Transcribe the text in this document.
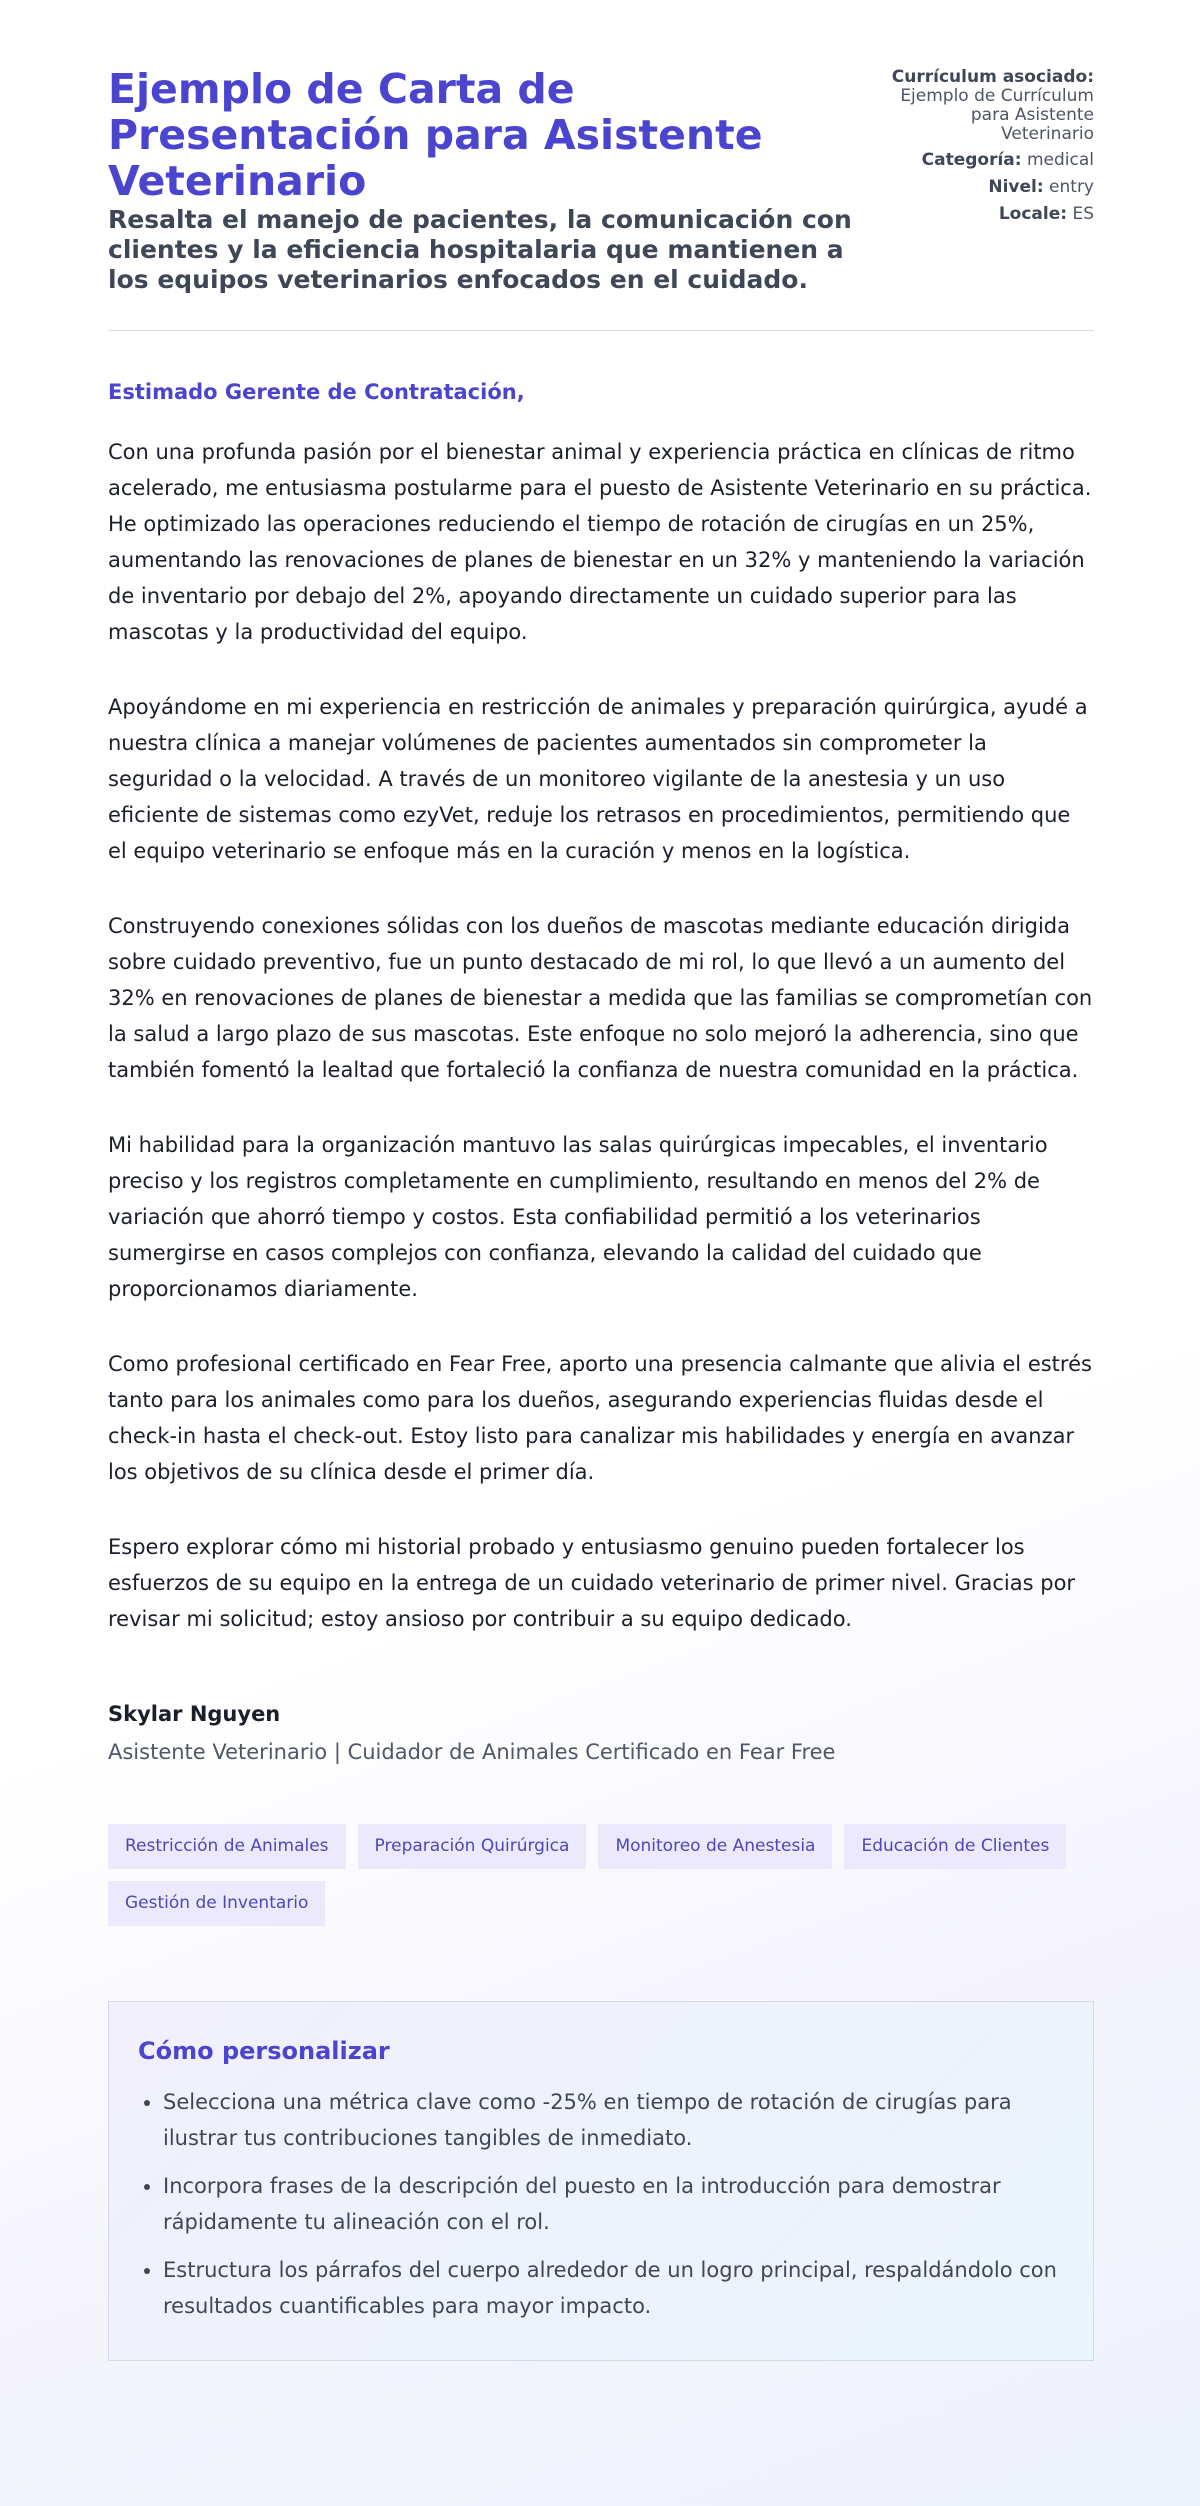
Ejemplo de Carta de Presentación para Asistente Veterinario

Resalta el manejo de pacientes, la comunicación con clientes y la eficiencia hospitalaria que mantienen a los equipos veterinarios enfocados en el cuidado.

Currículum asociado:
Ejemplo de Currículum para Asistente Veterinario
Categoría: medical
Nivel: entry
Locale: ES

Estimado Gerente de Contratación,

Con una profunda pasión por el bienestar animal y experiencia práctica en clínicas de ritmo acelerado, me entusiasma postularme para el puesto de Asistente Veterinario en su práctica. He optimizado las operaciones reduciendo el tiempo de rotación de cirugías en un 25%, aumentando las renovaciones de planes de bienestar en un 32% y manteniendo la variación de inventario por debajo del 2%, apoyando directamente un cuidado superior para las mascotas y la productividad del equipo.

Apoyándome en mi experiencia en restricción de animales y preparación quirúrgica, ayudé a nuestra clínica a manejar volúmenes de pacientes aumentados sin comprometer la seguridad o la velocidad. A través de un monitoreo vigilante de la anestesia y un uso eficiente de sistemas como ezyVet, reduje los retrasos en procedimientos, permitiendo que el equipo veterinario se enfoque más en la curación y menos en la logística.

Construyendo conexiones sólidas con los dueños de mascotas mediante educación dirigida sobre cuidado preventivo, fue un punto destacado de mi rol, lo que llevó a un aumento del 32% en renovaciones de planes de bienestar a medida que las familias se comprometían con la salud a largo plazo de sus mascotas. Este enfoque no solo mejoró la adherencia, sino que también fomentó la lealtad que fortaleció la confianza de nuestra comunidad en la práctica.

Mi habilidad para la organización mantuvo las salas quirúrgicas impecables, el inventario preciso y los registros completamente en cumplimiento, resultando en menos del 2% de variación que ahorró tiempo y costos. Esta confiabilidad permitió a los veterinarios sumergirse en casos complejos con confianza, elevando la calidad del cuidado que proporcionamos diariamente.

Como profesional certificado en Fear Free, aporto una presencia calmante que alivia el estrés tanto para los animales como para los dueños, asegurando experiencias fluidas desde el check-in hasta el check-out. Estoy listo para canalizar mis habilidades y energía en avanzar los objetivos de su clínica desde el primer día.

Espero explorar cómo mi historial probado y entusiasmo genuino pueden fortalecer los esfuerzos de su equipo en la entrega de un cuidado veterinario de primer nivel. Gracias por revisar mi solicitud; estoy ansioso por contribuir a su equipo dedicado.

Skylar Nguyen

Asistente Veterinario | Cuidador de Animales Certificado en Fear Free

Restricción de Animales	Preparación Quirúrgica	Monitoreo de Anestesia	Educación de Clientes
Gestión de Inventario
Cómo personalizar
• Selecciona una métrica clave como -25% en tiempo de rotación de cirugías para ilustrar tus contribuciones tangibles de inmediato.
• Incorpora frases de la descripción del puesto en la introducción para demostrar rápidamente tu alineación con el rol.
• Estructura los párrafos del cuerpo alrededor de un logro principal, respaldándolo con resultados cuantificables para mayor impacto.
